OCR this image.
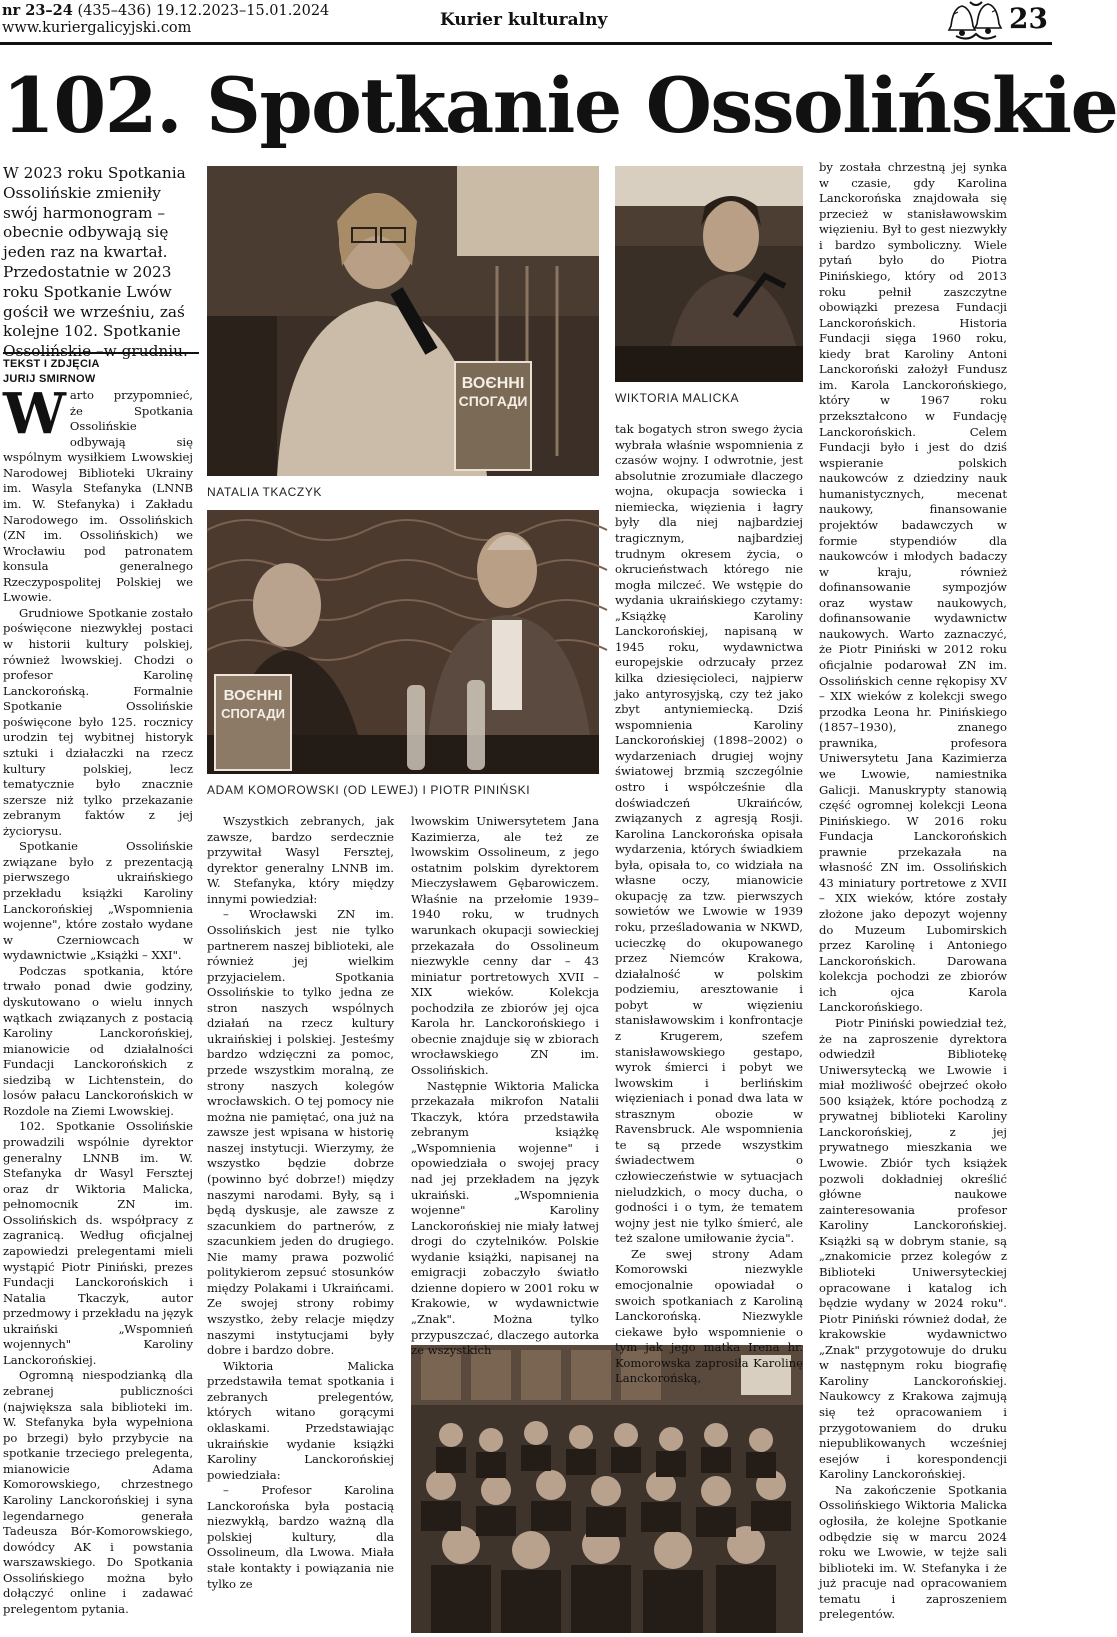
nr 23–24 (435–436) 19.12.2023–15.01.2024
www.kuriergalicyjski.com	Kurier kulturalny	23
102. Spotkanie Ossolińskie
W 2023 roku Spotkania Ossolińskie zmieniły swój harmonogram – obecnie odbywają się jeden raz na kwartał. Przedostatnie w 2023 roku Spotkanie Lwów gościł we wrześniu, zaś kolejne 102. Spotkanie
TEKST I ZDJĘCIA
JURIJ SMIRNOW

Warto przypomnieć, że Spotkania Ossolińskie odbywają się wspólnym wysiłkiem Lwowskiej Narodowej Biblioteki Ukrainy im. Wasyla Stefanyka (LNNB im. W. Stefanyka) i Zakładu Narodowego im. Ossolińskich (ZN im. Ossolińskich) we Wrocławiu pod patronatem konsula generalnego Rzeczypospolitej Polskiej we Lwowie.

Grudniowe Spotkanie zostało poświęcone niezwykłej postaci w historii kultury polskiej, również lwowskiej. Chodzi o profesor Karolinę Lanckorońską. Formalnie Spotkanie Ossolińskie poświęcone było 125. rocznicy urodzin tej wybitnej historyk sztuki i działaczki na rzecz kultury polskiej, lecz tematycznie było znacznie szersze niż tylko przekazanie zebranym faktów z jej życiorysu.

Spotkanie Ossolińskie związane było z prezentacją pierwszego ukraińskiego przekładu książki Karoliny Lanckorońskiej „Wspomnienia wojenne", które zostało wydane w Czerniowcach w wydawnictwie „Książki – XXI".

Podczas spotkania, które trwało ponad dwie godziny, dyskutowano o wielu innych wątkach związanych z postacią Karoliny Lanckorońskiej, mianowicie od działalności Fundacji Lanckorońskich z siedzibą w Lichtenstein, do losów pałacu Lanckorońskich w Rozdole na Ziemi Lwowskiej.

102. Spotkanie Ossolińskie prowadzili wspólnie dyrektor generalny LNNB im. W. Stefanyka dr Wasyl Fersztej oraz dr Wiktoria Malicka, pełnomocnik ZN im. Ossolińskich ds. współpracy z zagranicą. Według oficjalnej zapowiedzi prelegentami mieli wystąpić Piotr Piniński, prezes Fundacji Lanckorońskich i Natalia Tkaczyk, autor przedmowy i przekładu na język ukraiński „Wspomnień wojennych" Karoliny Lanckorońskiej.

Ogromną niespodzianką dla zebranej publiczności (największa sala biblioteki im. W. Stefanyka była wypełniona po brzegi) było przybycie na spotkanie trzeciego prelegenta, mianowicie Adama Komorowskiego, chrzestnego Karoliny Lanckorońskiej i syna legendarnego generała Tadeusza Bór-Komorowskiego, dowódcy AK i powstania warszawskiego. Do Spotkania Ossolińskiego można było dołączyć online i zadawać prelegentom pytania.

ВОЄННІ
СПОГАДИ
NATALIA TKACZYK
ВОЄННІ
СПОГАДИ
ADAM KOMOROWSKI (OD LEWEJ) I PIOTR PINIŃSKI
WIKTORIA MALICKA

Wszystkich zebranych, jak zawsze, bardzo serdecznie przywitał Wasyl Fersztej, dyrektor generalny LNNB im. W. Stefanyka, który między innymi powiedział:

– Wrocławski ZN im. Ossolińskich jest nie tylko partnerem naszej biblioteki, ale również jej wielkim przyjacielem. Spotkania Ossolińskie to tylko jedna ze stron naszych wspólnych działań na rzecz kultury ukraińskiej i polskiej. Jesteśmy bardzo wdzięczni za pomoc, przede wszystkim moralną, ze strony naszych kolegów wrocławskich. O tej pomocy nie można nie pamiętać, ona już na zawsze jest wpisana w historię naszej instytucji. Wierzymy, że wszystko będzie dobrze (powinno być dobrze!) między naszymi narodami. Były, są i będą dyskusje, ale zawsze z szacunkiem do partnerów, z szacunkiem jeden do drugiego. Nie mamy prawa pozwolić politykierom zepsuć stosunków między Polakami i Ukraińcami. Ze swojej strony robimy wszystko, żeby relacje między naszymi instytucjami były dobre i bardzo dobre.

Wiktoria Malicka przedstawiła temat spotkania i zebranych prelegentów, których witano gorącymi oklaskami. Przedstawiając ukraińskie wydanie książki Karoliny Lanckorońskiej powiedziała:

– Profesor Karolina Lanckorońska była postacią niezwykłą, bardzo ważną dla polskiej kultury, dla Ossolineum, dla Lwowa. Miała stałe kontakty i powiązania nie tylko ze

lwowskim Uniwersytetem Jana Kazimierza, ale też ze lwowskim Ossolineum, z jego ostatnim polskim dyrektorem Mieczysławem Gębarowiczem. Właśnie na przełomie 1939–1940 roku, w trudnych warunkach okupacji sowieckiej przekazała do Ossolineum niezwykle cenny dar – 43 miniatur portretowych XVII – XIX wieków. Kolekcja pochodziła ze zbiorów jej ojca Karola hr. Lanckorońskiego i obecnie znajduje się w zbiorach wrocławskiego ZN im. Ossolińskich.

Następnie Wiktoria Malicka przekazała mikrofon Natalii Tkaczyk, która przedstawiła zebranym książkę „Wspomnienia wojenne" i opowiedziała o swojej pracy nad jej przekładem na język ukraiński. „Wspomnienia wojenne" Karoliny Lanckorońskiej nie miały łatwej drogi do czytelników. Polskie wydanie książki, napisanej na emigracji zobaczyło światło dzienne dopiero w 2001 roku w Krakowie, w wydawnictwie „Znak". Można tylko przypuszczać, dlaczego autorka ze wszystkich

tak bogatych stron swego życia wybrała właśnie wspomnienia z czasów wojny. I odwrotnie, jest absolutnie zrozumiałe dlaczego wojna, okupacja sowiecka i niemiecka, więzienia i łagry były dla niej najbardziej tragicznym, najbardziej trudnym okresem życia, o okrucieństwach którego nie mogła milczeć. We wstępie do wydania ukraińskiego czytamy: „Książkę Karoliny Lanckorońskiej, napisaną w 1945 roku, wydawnictwa europejskie odrzucały przez kilka dziesięcioleci, najpierw jako antyrosyjską, czy też jako zbyt antyniemiecką. Dziś wspomnienia Karoliny Lanckorońskiej (1898–2002) o wydarzeniach drugiej wojny światowej brzmią szczególnie ostro i współcześnie dla doświadczeń Ukraińców, związanych z agresją Rosji. Karolina Lanckorońska opisała wydarzenia, których świadkiem była, opisała to, co widziała na własne oczy, mianowicie okupację za tzw. pierwszych sowietów we Lwowie w 1939 roku, prześladowania w NKWD, ucieczkę do okupowanego przez Niemców Krakowa, działalność w polskim podziemiu, aresztowanie i pobyt w więzieniu stanisławowskim i konfrontacje z Krugerem, szefem stanisławowskiego gestapo, wyrok śmierci i pobyt we lwowskim i berlińskim więzieniach i ponad dwa lata w strasznym obozie w Ravensbruck. Ale wspomnienia te są przede wszystkim świadectwem o człowieczeństwie w sytuacjach nieludzkich, o mocy ducha, o godności i o tym, że tematem wojny jest nie tylko śmierć, ale też szalone umiłowanie życia".

Ze swej strony Adam Komorowski niezwykle emocjonalnie opowiadał o swoich spotkaniach z Karoliną Lanckorońską. Niezwykle ciekawe było wspomnienie o tym jak jego matka Irena hr. Komorowska zaprosiła Karolinę Lanckorońską,

by została chrzestną jej synka w czasie, gdy Karolina Lanckorońska znajdowała się przecież w stanisławowskim więzieniu. Był to gest niezwykły i bardzo symboliczny. Wiele pytań było do Piotra Pinińskiego, który od 2013 roku pełnił zaszczytne obowiązki prezesa Fundacji Lanckorońskich. Historia Fundacji sięga 1960 roku, kiedy brat Karoliny Antoni Lanckoroński założył Fundusz im. Karola Lanckorońskiego, który w 1967 roku przekształcono w Fundację Lanckorońskich. Celem Fundacji było i jest do dziś wspieranie polskich naukowców z dziedziny nauk humanistycznych, mecenat naukowy, finansowanie projektów badawczych w formie stypendiów dla naukowców i młodych badaczy w kraju, również dofinansowanie sympozjów oraz wystaw naukowych, dofinansowanie wydawnictw naukowych. Warto zaznaczyć, że Piotr Piniński w 2012 roku oficjalnie podarował ZN im. Ossolińskich cenne rękopisy XV – XIX wieków z kolekcji swego przodka Leona hr. Pinińskiego (1857–1930), znanego prawnika, profesora Uniwersytetu Jana Kazimierza we Lwowie, namiestnika Galicji. Manuskrypty stanowią część ogromnej kolekcji Leona Pinińskiego. W 2016 roku Fundacja Lanckorońskich prawnie przekazała na własność ZN im. Ossolińskich 43 miniatury portretowe z XVII – XIX wieków, które zostały złożone jako depozyt wojenny do Muzeum Lubomirskich przez Karolinę i Antoniego Lanckorońskich. Darowana kolekcja pochodzi ze zbiorów ich ojca Karola Lanckorońskiego.

Piotr Piniński powiedział też, że na zaproszenie dyrektora odwiedził Bibliotekę Uniwersytecką we Lwowie i miał możliwość obejrzeć około 500 książek, które pochodzą z prywatnej biblioteki Karoliny Lanckorońskiej, z jej prywatnego mieszkania we Lwowie. Zbiór tych książek pozwoli dokładniej określić główne naukowe zainteresowania profesor Karoliny Lanckorońskiej. Książki są w dobrym stanie, są „znakomicie przez kolegów z Biblioteki Uniwersyteckiej opracowane i katalog ich będzie wydany w 2024 roku". Piotr Piniński również dodał, że krakowskie wydawnictwo „Znak" przygotowuje do druku w następnym roku biografię Karoliny Lanckorońskiej. Naukowcy z Krakowa zajmują się też opracowaniem i przygotowaniem do druku niepublikowanych wcześniej esejów i korespondencji Karoliny Lanckorońskiej.

Na zakończenie Spotkania Ossolińskiego Wiktoria Malicka ogłosiła, że kolejne Spotkanie odbędzie się w marcu 2024 roku we Lwowie, w tejże sali biblioteki im. W. Stefanyka i że już pracuje nad opracowaniem tematu i zaproszeniem prelegentów.
